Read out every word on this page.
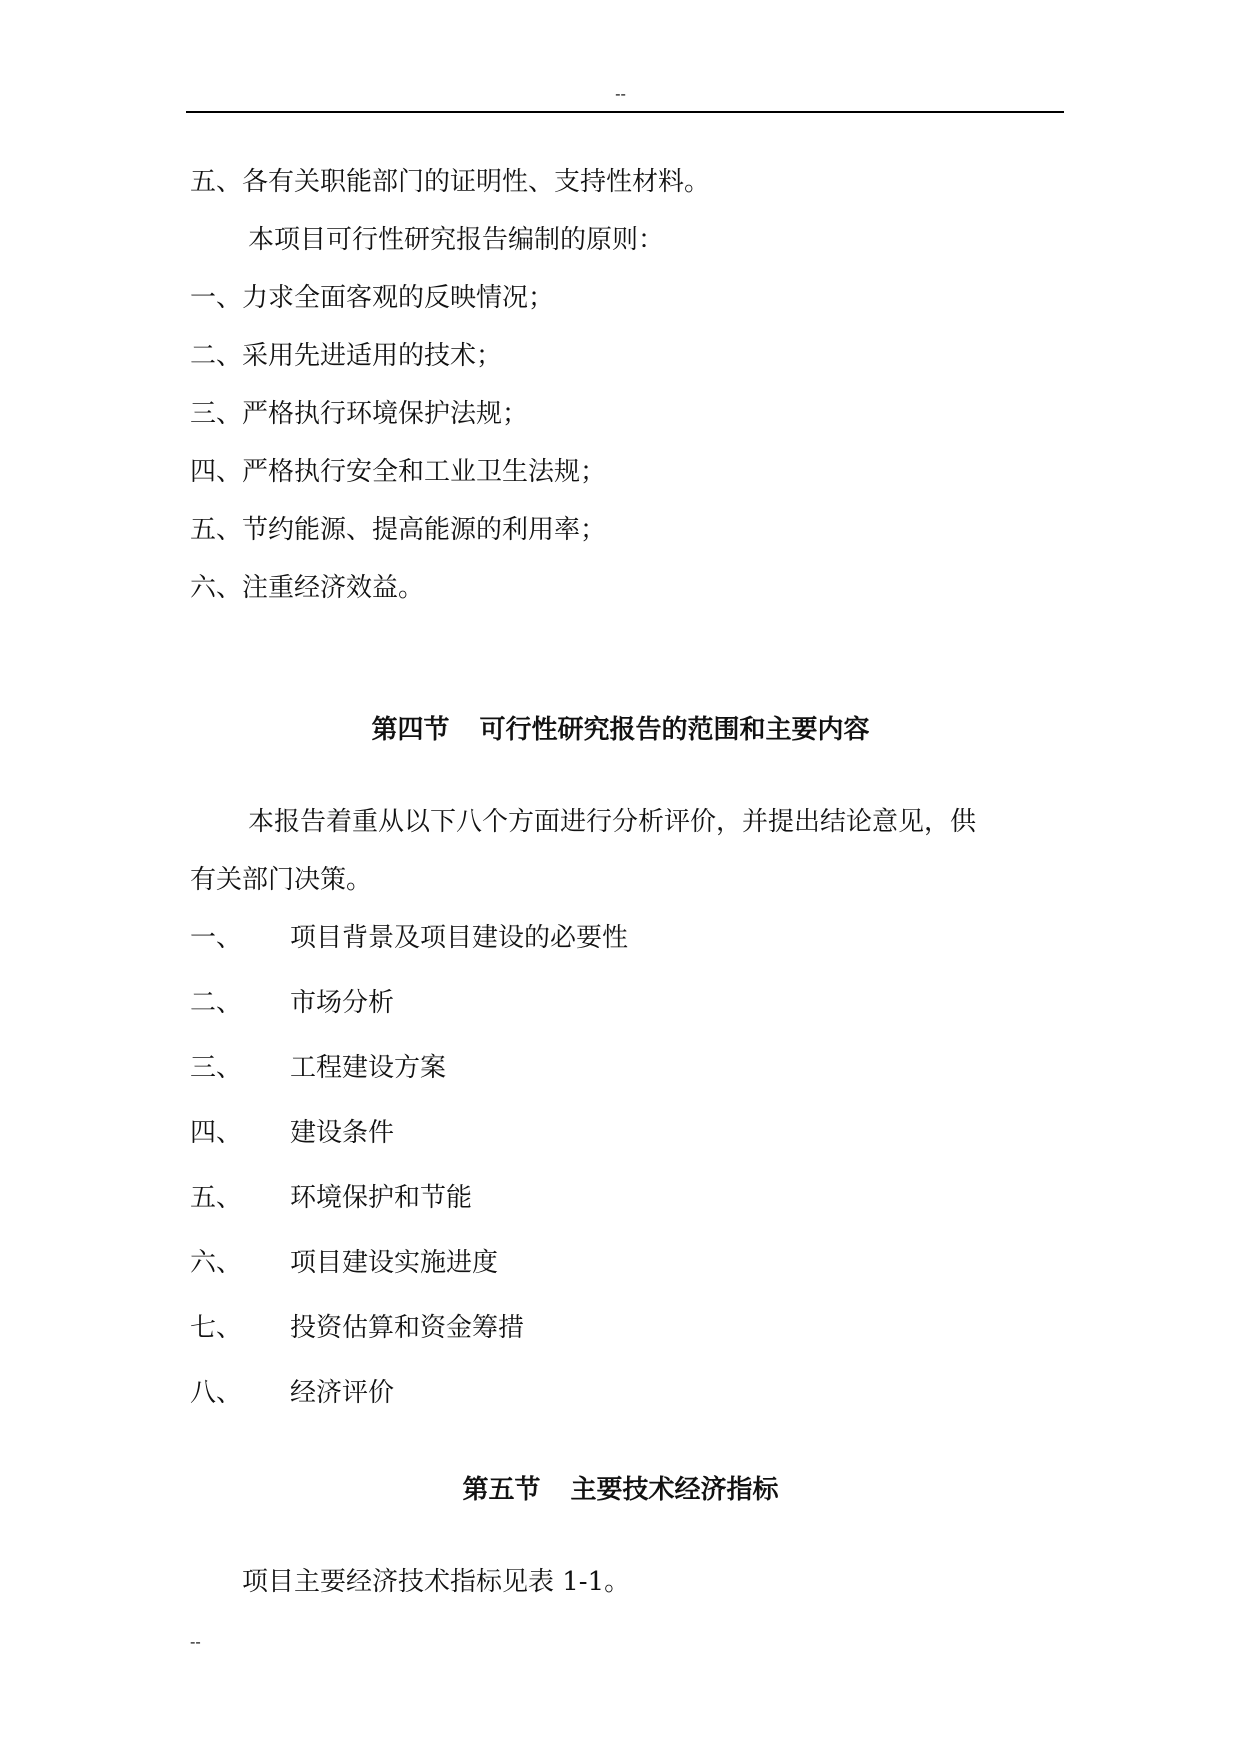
--
五、各有关职能部门的证明性、支持性材料。
本项目可行性研究报告编制的原则：
一、力求全面客观的反映情况；
二、采用先进适用的技术；
三、严格执行环境保护法规；
四、严格执行安全和工业卫生法规；
五、节约能源、提高能源的利用率；
六、注重经济效益。
第四节 可行性研究报告的范围和主要内容
本报告着重从以下八个方面进行分析评价，并提出结论意见，供
有关部门决策。
一、 项目背景及项目建设的必要性
二、 市场分析
三、 工程建设方案
四、 建设条件
五、 环境保护和节能
六、 项目建设实施进度
七、 投资估算和资金筹措
八、 经济评价
第五节 主要技术经济指标
项目主要经济技术指标见表 1-1。
--
